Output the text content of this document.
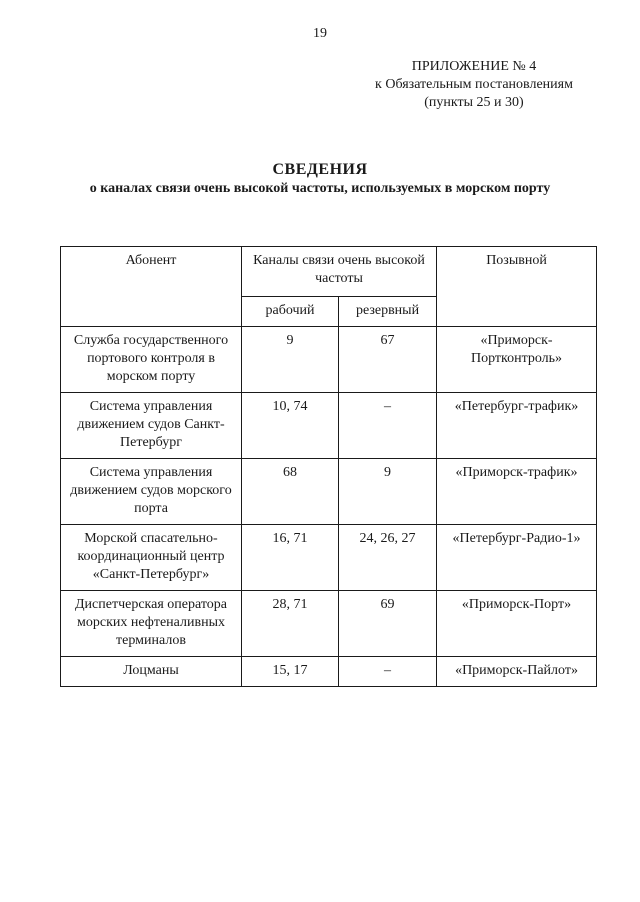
19
ПРИЛОЖЕНИЕ № 4
к Обязательным постановлениям
(пункты 25 и 30)
СВЕДЕНИЯ
о каналах связи очень высокой частоты, используемых в морском порту
Абонент	Каналы связи очень высокой частоты		Позывной
	рабочий	резервный	
Служба государственного портового контроля в морском порту	9	67	«Приморск-Портконтроль»
Система управления движением судов Санкт-Петербург	10, 74	–	«Петербург-трафик»
Система управления движением судов морского порта	68	9	«Приморск-трафик»
Морской спасательно-координационный центр «Санкт-Петербург»	16, 71	24, 26, 27	«Петербург-Радио-1»
Диспетчерская оператора морских нефтеналивных терминалов	28, 71	69	«Приморск-Порт»
Лоцманы	15, 17	–	«Приморск-Пайлот»
